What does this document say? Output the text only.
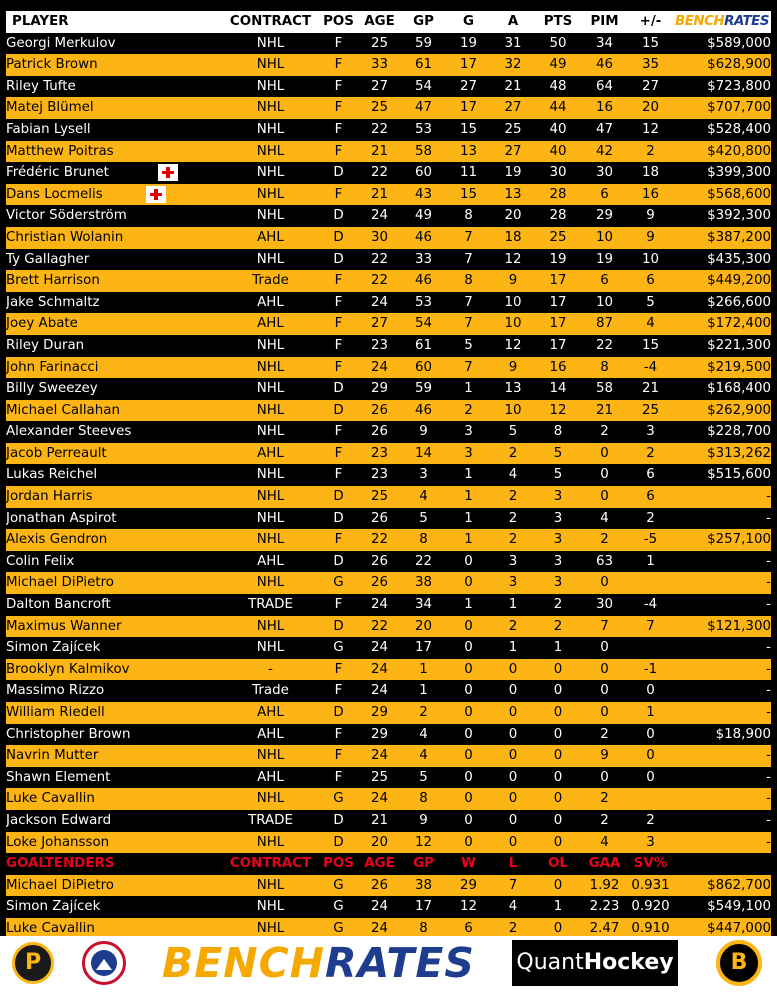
PLAYER	CONTRACT	POS	AGE	GP	G	A	PTS	PIM	+/-	BENCHRATES
Georgi Merkulov	NHL	F	25	59	19	31	50	34	15	$589,000
Patrick Brown	NHL	F	33	61	17	32	49	46	35	$628,900
Riley Tufte	NHL	F	27	54	27	21	48	64	27	$723,800
Matej Blümel	NHL	F	25	47	17	27	44	16	20	$707,700
Fabian Lysell	NHL	F	22	53	15	25	40	47	12	$528,400
Matthew Poitras	NHL	F	21	58	13	27	40	42	2	$420,800
Frédéric Brunet	NHL	D	22	60	11	19	30	30	18	$399,300
Dans Locmelis	NHL	F	21	43	15	13	28	6	16	$568,600
Victor Söderström	NHL	D	24	49	8	20	28	29	9	$392,300
Christian Wolanin	AHL	D	30	46	7	18	25	10	9	$387,200
Ty Gallagher	NHL	D	22	33	7	12	19	19	10	$435,300
Brett Harrison	Trade	F	22	46	8	9	17	6	6	$449,200
Jake Schmaltz	AHL	F	24	53	7	10	17	10	5	$266,600
Joey Abate	AHL	F	27	54	7	10	17	87	4	$172,400
Riley Duran	NHL	F	23	61	5	12	17	22	15	$221,300
John Farinacci	NHL	F	24	60	7	9	16	8	-4	$219,500
Billy Sweezey	NHL	D	29	59	1	13	14	58	21	$168,400
Michael Callahan	NHL	D	26	46	2	10	12	21	25	$262,900
Alexander Steeves	NHL	F	26	9	3	5	8	2	3	$228,700
Jacob Perreault	AHL	F	23	14	3	2	5	0	2	$313,262
Lukas Reichel	NHL	F	23	3	1	4	5	0	6	$515,600
Jordan Harris	NHL	D	25	4	1	2	3	0	6	-
Jonathan Aspirot	NHL	D	26	5	1	2	3	4	2	-
Alexis Gendron	NHL	F	22	8	1	2	3	2	-5	$257,100
Colin Felix	AHL	D	26	22	0	3	3	63	1	-
Michael DiPietro	NHL	G	26	38	0	3	3	0		-
Dalton Bancroft	TRADE	F	24	34	1	1	2	30	-4	-
Maximus Wanner	NHL	D	22	20	0	2	2	7	7	$121,300
Simon Zajícek	NHL	G	24	17	0	1	1	0		-
Brooklyn Kalmikov	-	F	24	1	0	0	0	0	-1	-
Massimo Rizzo	Trade	F	24	1	0	0	0	0	0	-
William Riedell	AHL	D	29	2	0	0	0	0	1	-
Christopher Brown	AHL	F	29	4	0	0	0	2	0	$18,900
Navrin Mutter	NHL	F	24	4	0	0	0	9	0	-
Shawn Element	AHL	F	25	5	0	0	0	0	0	-
Luke Cavallin	NHL	G	24	8	0	0	0	2		-
Jackson Edward	TRADE	D	21	9	0	0	0	2	2	-
Loke Johansson	NHL	D	20	12	0	0	0	4	3	-
GOALTENDERS	CONTRACT	POS	AGE	GP	W	L	OL	GAA	SV%	
Michael DiPietro	NHL	G	26	38	29	7	0	1.92	0.931	$862,700
Simon Zajícek	NHL	G	24	17	12	4	1	2.23	0.920	$549,100
Luke Cavallin	NHL	G	24	8	6	2	0	2.47	0.910	$447,000
P	BENCHRATES QuantHockey	B
